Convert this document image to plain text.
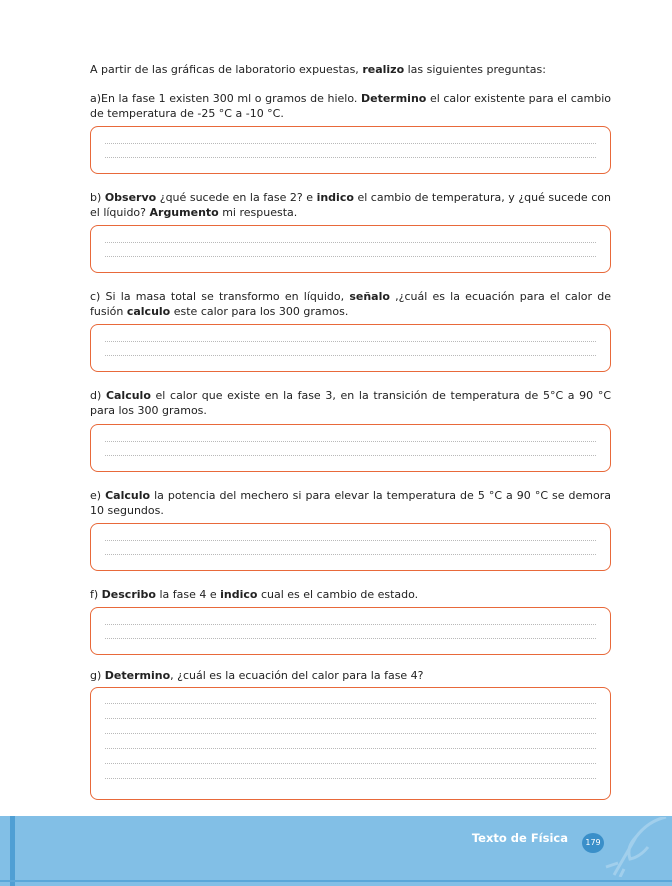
A partir de las gráficas de laboratorio expuestas, realizo las siguientes preguntas:
a)En la fase 1 existen 300 ml o gramos de hielo. Determino el calor existente para el cambio de temperatura de -25 °C a -10 °C.
b) Observo ¿qué sucede en la fase 2? e indico el cambio de temperatura, y ¿qué sucede con el líquido? Argumento mi respuesta.
c) Si la masa total se transformo en líquido, señalo ,¿cuál es la ecuación para el calor de fusión calculo este calor para los 300 gramos.
d) Calculo el calor que existe en la fase 3, en la transición de temperatura de 5°C a 90 °C para los 300 gramos.
e) Calculo la potencia del mechero si para elevar la temperatura de 5 °C a 90 °C se demora 10 segundos.
f) Describo la fase 4 e indico cual es el cambio de estado.
g) Determino, ¿cuál es la ecuación del calor para la fase 4?
Texto de Física	179
